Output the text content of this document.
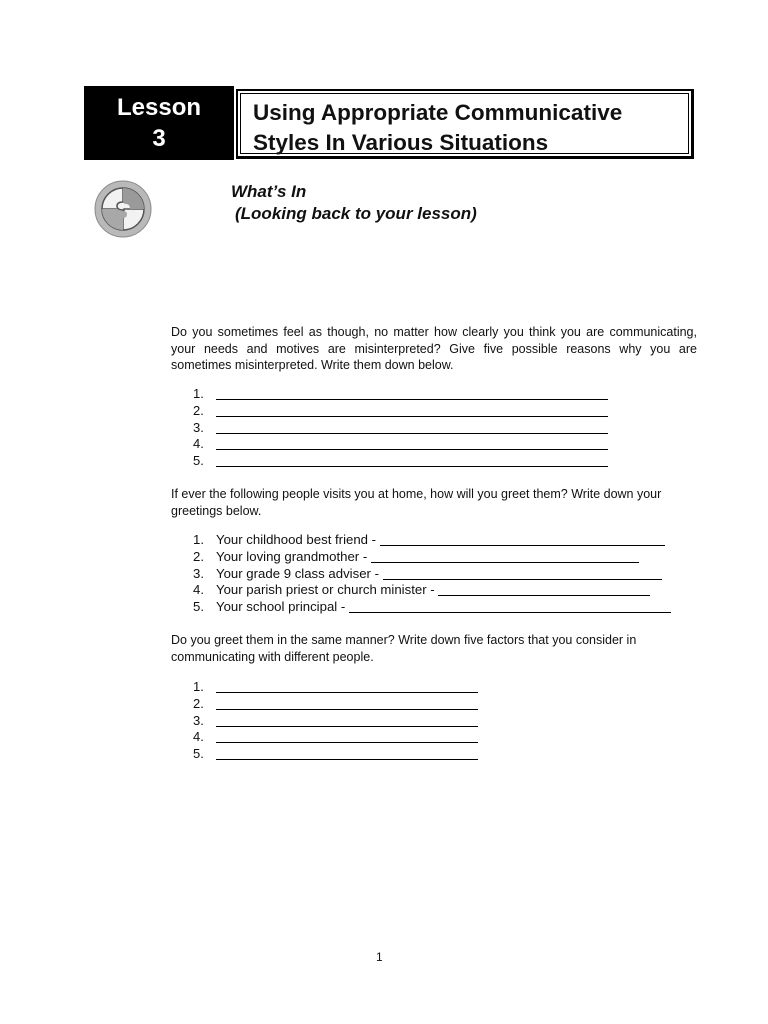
Lesson
3
Using Appropriate Communicative
Styles In Various Situations
What’s In
(Looking back to your lesson)
Do you sometimes feel as though, no matter how clearly you think you are communicating, your needs and motives are misinterpreted? Give five possible reasons why you are sometimes misinterpreted. Write them down below.
1.
2.
3.
4.
5.
If ever the following people visits you at home, how will you greet them? Write down your greetings below.
1. Your childhood best friend -
2. Your loving grandmother -
3. Your grade 9 class adviser -
4. Your parish priest or church minister -
5. Your school principal -
Do you greet them in the same manner? Write down five factors that you consider in communicating with different people.
1.
2.
3.
4.
5.
1
